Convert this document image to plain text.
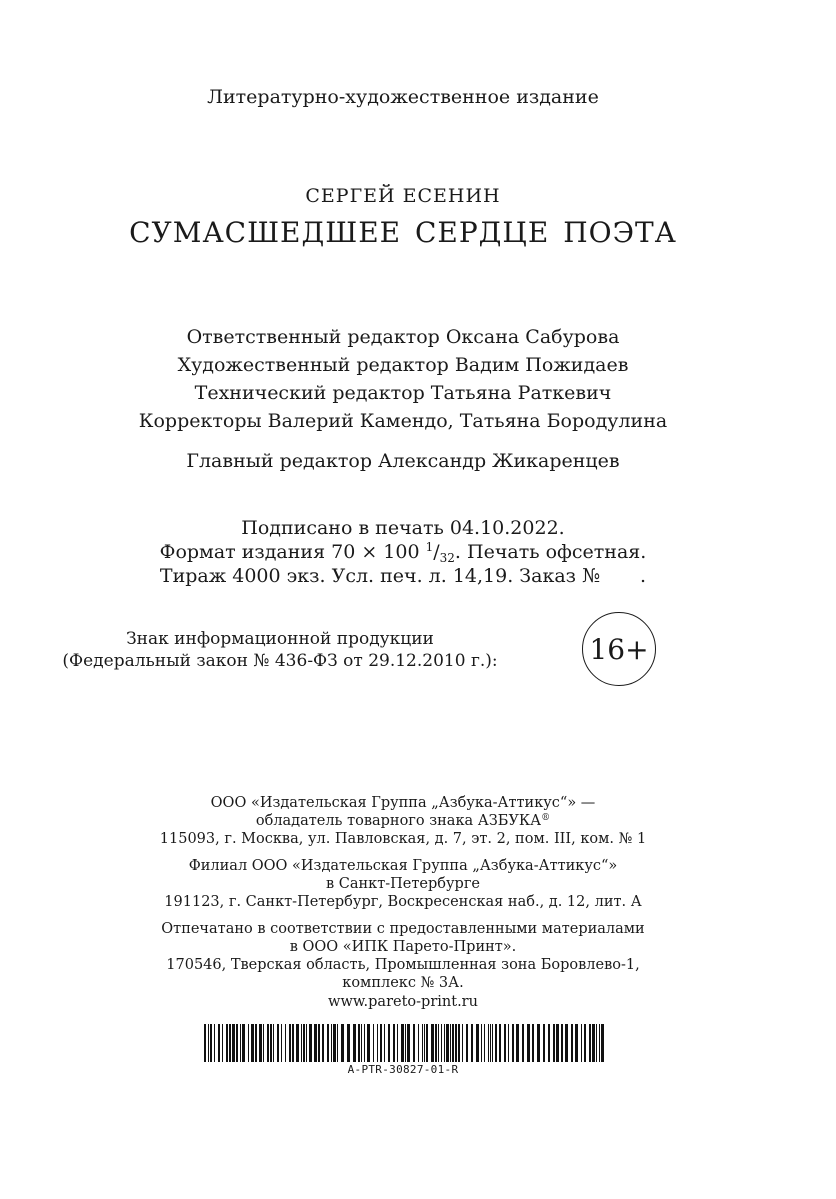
Литературно-художественное издание
СЕРГЕЙ ЕСЕНИН
СУМАСШЕДШЕЕ СЕРДЦЕ ПОЭТА
Ответственный редактор Оксана Сабурова
Художественный редактор Вадим Пожидаев
Технический редактор Татьяна Раткевич
Корректоры Валерий Камендо, Татьяна Бородулина
Главный редактор Александр Жикаренцев
Подписано в печать 04.10.2022.
Формат издания 70 × 100 $^1/_{32}$. Печать офсетная.
Тираж 4000 экз. Усл. печ. л. 14,19. Заказ № .
Знак информационной продукции
(Федеральный закон № 436-ФЗ от 29.12.2010 г.):	16+
ООО «Издательская Группа „Азбука-Аттикус“» —
обладатель товарного знака АЗБУКА®
115093, г. Москва, ул. Павловская, д. 7, эт. 2, пом. III, ком. № 1
Филиал ООО «Издательская Группа „Азбука-Аттикус“»
в Санкт-Петербурге
191123, г. Санкт-Петербург, Воскресенская наб., д. 12, лит. А
Отпечатано в соответствии с предоставленными материалами
в ООО «ИПК Парето-Принт».
170546, Тверская область, Промышленная зона Боровлево-1,
комплекс № 3А.
www.pareto-print.ru
A-PTR-30827-01-R
